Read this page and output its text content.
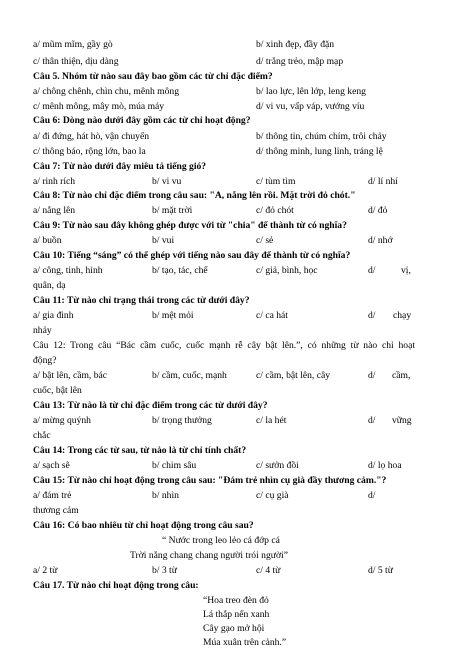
a/ mũm mĩm, gầy gò	b/ xinh đẹp, đầy đặn
c/ thân thiện, dịu dàng	d/ trắng trẻo, mập mạp
Câu 5. Nhóm từ nào sau đây bao gồm các từ chỉ đặc điểm?
a/ chông chênh, chìn chu, mênh mông	b/ lao lực, lên lớp, leng keng
c/ mênh mông, mây mò, múa máy	d/ vi vu, vấp váp, vướng víu
Câu 6: Dòng nào dưới đây gồm các từ chỉ hoạt động?
a/ đi đứng, hát hò, vận chuyển	b/ thông tin, chúm chím, trôi chảy
c/ thông báo, rộng lớn, bao la	d/ thông minh, lung linh, tráng lệ
Câu 7: Từ nào dưới đây miêu tả tiếng gió?
a/ rinh rích	b/ vi vu	c/ tùm tìm	d/ lí nhí
Câu 8: Từ nào chỉ đặc điểm trong câu sau: "A, nắng lên rồi. Mặt trời đỏ chót."
a/ nắng lên	b/ mặt trời	c/ đỏ chót	d/ đỏ
Câu 9: Từ nào sau đây không ghép được với từ "chia" để thành từ có nghĩa?
a/ buồn	b/ vui	c/ sẻ	d/ nhớ
Câu 10: Tiếng “sáng” có thể ghép với tiếng nào sau đây để thành từ có nghĩa?
a/ công, tinh, hình	b/ tạo, tác, chế	c/ giả, bình, học	d/	vị,
quân, dạ
Câu 11: Từ nào chỉ trạng thái trong các từ dưới đây?
a/ gia đình	b/ mệt mỏi	c/ ca hát	d/ chạy
nhảy
Câu 12: Trong câu “Bác cầm cuốc, cuốc mạnh rễ cây bật lên.”, có những từ nào chỉ hoạt
động?
a/ bật lên, cầm, bác	b/ cầm, cuốc, mạnh	c/ cầm, bật lên, cây	d/ cầm,
cuốc, bật lên
Câu 13: Từ nào là từ chỉ đặc điểm trong các từ dưới đây?
a/ mừng quýnh	b/ trọng thưởng	c/ la hét	d/ vững
chắc
Câu 14: Trong các từ sau, từ nào là từ chỉ tính chất?
a/ sạch sẽ	b/ chim sâu	c/ sưởn đồi	d/ lọ hoa
Câu 15: Từ nào chỉ hoạt động trong câu sau: "Đám trẻ nhìn cụ già đầy thương cảm."?
a/ đám trẻ	b/ nhìn	c/ cụ già	d/
thương cảm
Câu 16: Có bao nhiêu từ chỉ hoạt động trong câu sau?
“ Nước trong leo lẻo cá đớp cá
Trời nắng chang chang người trói người”
a/ 2 từ	b/ 3 từ	c/ 4 từ	d/ 5 từ
Câu 17. Từ nào chỉ hoạt động trong câu:
“Hoa treo đèn đỏ
Lá thắp nến xanh
Cây gạo mở hội
Múa xuân trên cành.”
